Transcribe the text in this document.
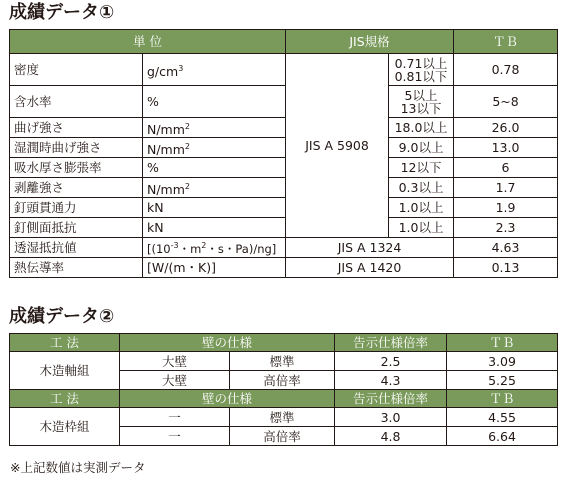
成績データ①
単 位		JIS規格		ＴＢ
密度	$g/cm^3$	JIS A 5908	0.71以上
0.81以下	0.78
含水率	%		5以上
13以下	5~8
曲げ強さ	$N/mm^2$		18.0以上	26.0
湿潤時曲げ強さ	$N/mm^2$		9.0以上	13.0
吸水厚さ膨張率	%		12以下	6
剥離強さ	$N/mm^2$		0.3以上	1.7
釘頭貫通力	kN		1.0以上	1.9
釘側面抵抗	kN		1.0以上	2.3
透湿抵抗値	[($10^{-3}$・$m^2$・s・Pa)/ng]	JIS A 1324		4.63
熱伝導率	[W/(m・K)]	JIS A 1420		0.13
成績データ②
工 法	壁の仕様		告示仕様倍率	ＴＢ
木造軸組	大壁	標準	2.5	3.09
	大壁	高倍率	4.3	5.25
工 法	壁の仕様		告示仕様倍率	ＴＢ
木造枠組	一	標準	3.0	4.55
	一	高倍率	4.8	6.64
※上記数値は実測データ
